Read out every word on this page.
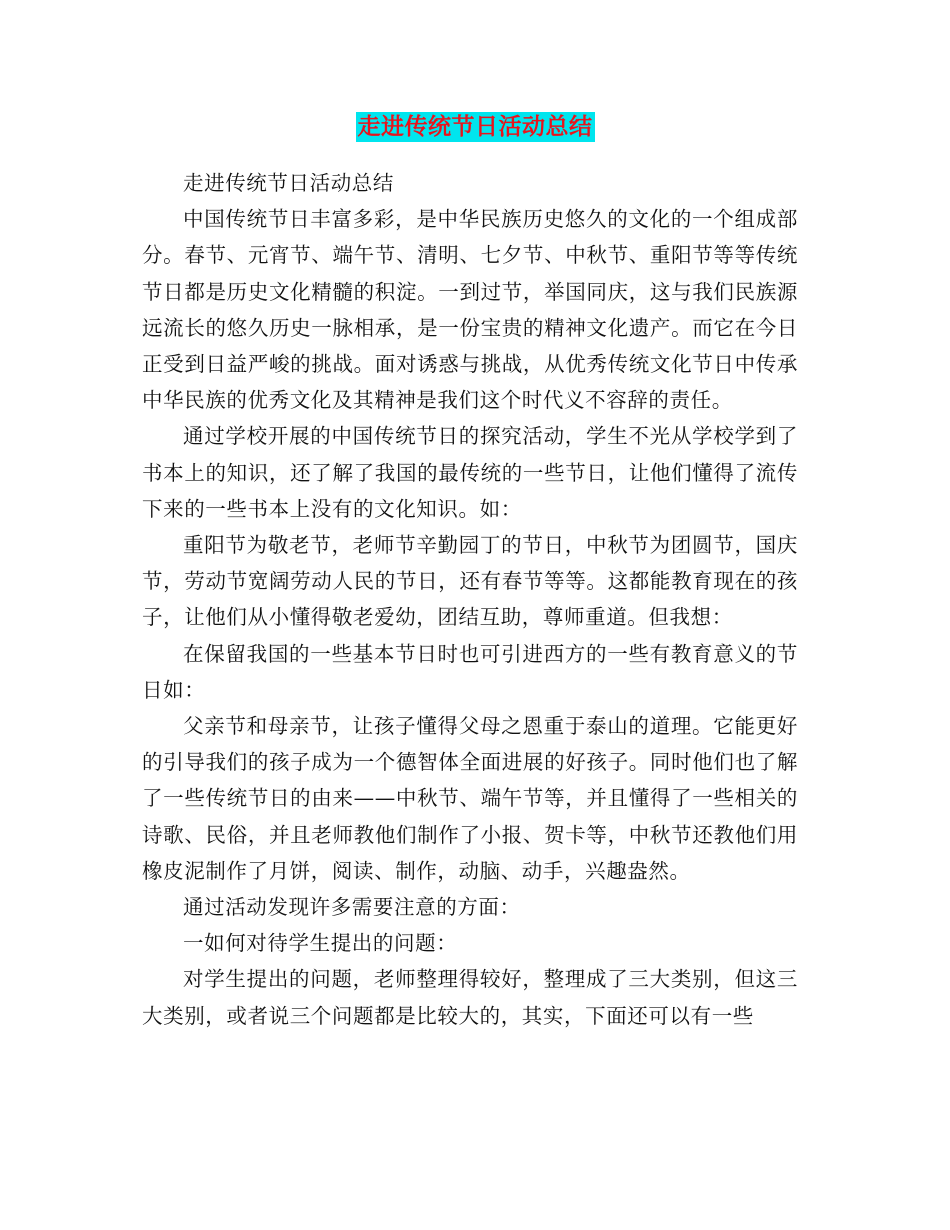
走进传统节日活动总结

走进传统节日活动总结

中国传统节日丰富多彩，是中华民族历史悠久的文化的一个组成部分。春节、元宵节、端午节、清明、七夕节、中秋节、重阳节等等传统节日都是历史文化精髓的积淀。一到过节，举国同庆，这与我们民族源远流长的悠久历史一脉相承，是一份宝贵的精神文化遗产。而它在今日正受到日益严峻的挑战。面对诱惑与挑战，从优秀传统文化节日中传承中华民族的优秀文化及其精神是我们这个时代义不容辞的责任。

通过学校开展的中国传统节日的探究活动，学生不光从学校学到了书本上的知识，还了解了我国的最传统的一些节日，让他们懂得了流传下来的一些书本上没有的文化知识。如：

重阳节为敬老节，老师节辛勤园丁的节日，中秋节为团圆节，国庆节，劳动节宽阔劳动人民的节日，还有春节等等。这都能教育现在的孩子，让他们从小懂得敬老爱幼，团结互助，尊师重道。但我想：

在保留我国的一些基本节日时也可引进西方的一些有教育意义的节日如：

父亲节和母亲节，让孩子懂得父母之恩重于泰山的道理。它能更好的引导我们的孩子成为一个德智体全面进展的好孩子。同时他们也了解了一些传统节日的由来——中秋节、端午节等，并且懂得了一些相关的诗歌、民俗，并且老师教他们制作了小报、贺卡等，中秋节还教他们用橡皮泥制作了月饼，阅读、制作，动脑、动手，兴趣盎然。

通过活动发现许多需要注意的方面：

一如何对待学生提出的问题：

对学生提出的问题，老师整理得较好，整理成了三大类别，但这三大类别，或者说三个问题都是比较大的，其实，下面还可以有一些
